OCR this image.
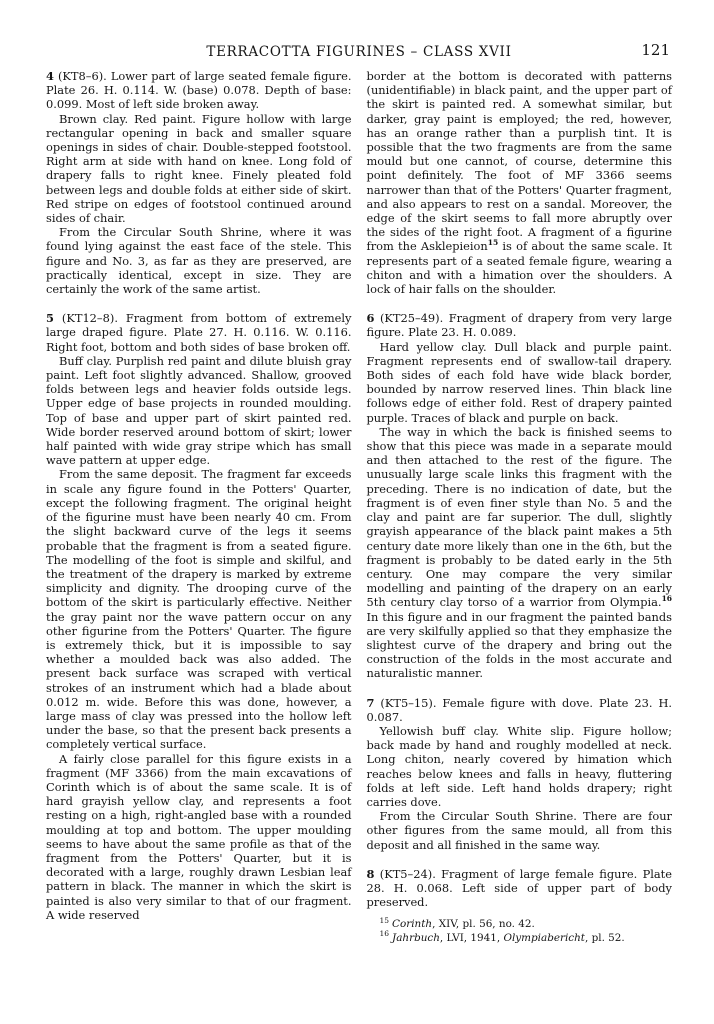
TERRACOTTA FIGURINES – CLASS XVII	121

4 (KT8–6). Lower part of large seated female figure. Plate 26. H. 0.114. W. (base) 0.078. Depth of base: 0.099. Most of left side broken away.

Brown clay. Red paint. Figure hollow with large rectangular opening in back and smaller square openings in sides of chair. Double-stepped footstool. Right arm at side with hand on knee. Long fold of drapery falls to right knee. Finely pleated fold between legs and double folds at either side of skirt. Red stripe on edges of footstool continued around sides of chair.

From the Circular South Shrine, where it was found lying against the east face of the stele. This figure and No. 3, as far as they are preserved, are practically identical, except in size. They are certainly the work of the same artist.

5 (KT12–8). Fragment from bottom of extremely large draped figure. Plate 27. H. 0.116. W. 0.116. Right foot, bottom and both sides of base broken off.

Buff clay. Purplish red paint and dilute bluish gray paint. Left foot slightly advanced. Shallow, grooved folds between legs and heavier folds outside legs. Upper edge of base projects in rounded moulding. Top of base and upper part of skirt painted red. Wide border reserved around bottom of skirt; lower half painted with wide gray stripe which has small wave pattern at upper edge.

From the same deposit. The fragment far exceeds in scale any figure found in the Potters' Quarter, except the following fragment. The original height of the figurine must have been nearly 40 cm. From the slight backward curve of the legs it seems probable that the fragment is from a seated figure. The modelling of the foot is simple and skilful, and the treatment of the drapery is marked by extreme simplicity and dignity. The drooping curve of the bottom of the skirt is particularly effective. Neither the gray paint nor the wave pattern occur on any other figurine from the Potters' Quarter. The figure is extremely thick, but it is impossible to say whether a moulded back was also added. The present back surface was scraped with vertical strokes of an instrument which had a blade about 0.012 m. wide. Before this was done, however, a large mass of clay was pressed into the hollow left under the base, so that the present back presents a completely vertical surface.

A fairly close parallel for this figure exists in a fragment (MF 3366) from the main excavations of Corinth which is of about the same scale. It is of hard grayish yellow clay, and represents a foot resting on a high, right-angled base with a rounded moulding at top and bottom. The upper moulding seems to have about the same profile as that of the fragment from the Potters' Quarter, but it is decorated with a large, roughly drawn Lesbian leaf pattern in black. The manner in which the skirt is painted is also very similar to that of our fragment. A wide reserved

border at the bottom is decorated with patterns (unidentifiable) in black paint, and the upper part of the skirt is painted red. A somewhat similar, but darker, gray paint is employed; the red, however, has an orange rather than a purplish tint. It is possible that the two fragments are from the same mould but one cannot, of course, determine this point definitely. The foot of MF 3366 seems narrower than that of the Potters' Quarter fragment, and also appears to rest on a sandal. Moreover, the edge of the skirt seems to fall more abruptly over the sides of the right foot. A fragment of a figurine from the Asklepieion$^{15}$ is of about the same scale. It represents part of a seated female figure, wearing a chiton and with a himation over the shoulders. A lock of hair falls on the shoulder.

6 (KT25–49). Fragment of drapery from very large figure. Plate 23. H. 0.089.

Hard yellow clay. Dull black and purple paint. Fragment represents end of swallow-tail drapery. Both sides of each fold have wide black border, bounded by narrow reserved lines. Thin black line follows edge of either fold. Rest of drapery painted purple. Traces of black and purple on back.

The way in which the back is finished seems to show that this piece was made in a separate mould and then attached to the rest of the figure. The unusually large scale links this fragment with the preceding. There is no indication of date, but the fragment is of even finer style than No. 5 and the clay and paint are far superior. The dull, slightly grayish appearance of the black paint makes a 5th century date more likely than one in the 6th, but the fragment is probably to be dated early in the 5th century. One may compare the very similar modelling and painting of the drapery on an early 5th century clay torso of a warrior from Olympia.$^{16}$ In this figure and in our fragment the painted bands are very skilfully applied so that they emphasize the slightest curve of the drapery and bring out the construction of the folds in the most accurate and naturalistic manner.

7 (KT5–15). Female figure with dove. Plate 23. H. 0.087.

Yellowish buff clay. White slip. Figure hollow; back made by hand and roughly modelled at neck. Long chiton, nearly covered by himation which reaches below knees and falls in heavy, fluttering folds at left side. Left hand holds drapery; right carries dove.

From the Circular South Shrine. There are four other figures from the same mould, all from this deposit and all finished in the same way.

8 (KT5–24). Fragment of large female figure. Plate 28. H. 0.068. Left side of upper part of body preserved.

$^{15}$ Corinth, XIV, pl. 56, no. 42.

$^{16}$ Jahrbuch, LVI, 1941, Olympiabericht, pl. 52.
